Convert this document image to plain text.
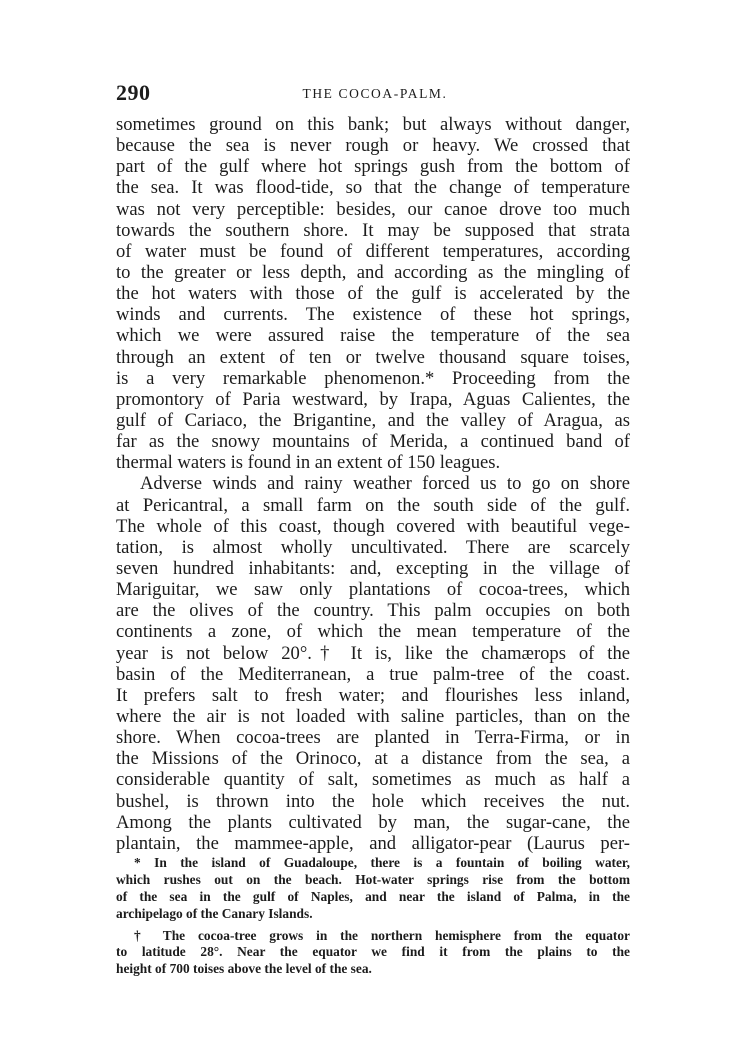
290	THE COCOA-PALM.
sometimes ground on this bank; but always without danger,
because the sea is never rough or heavy. We crossed that
part of the gulf where hot springs gush from the bottom of
the sea. It was flood-tide, so that the change of temperature
was not very perceptible: besides, our canoe drove too much
towards the southern shore. It may be supposed that strata
of water must be found of different temperatures, according
to the greater or less depth, and according as the mingling of
the hot waters with those of the gulf is accelerated by the
winds and currents. The existence of these hot springs,
which we were assured raise the temperature of the sea
through an extent of ten or twelve thousand square toises,
is a very remarkable phenomenon.* Proceeding from the
promontory of Paria westward, by Irapa, Aguas Calientes, the
gulf of Cariaco, the Brigantine, and the valley of Aragua, as
far as the snowy mountains of Merida, a continued band of
thermal waters is found in an extent of 150 leagues.
Adverse winds and rainy weather forced us to go on shore
at Pericantral, a small farm on the south side of the gulf.
The whole of this coast, though covered with beautiful vege-
tation, is almost wholly uncultivated. There are scarcely
seven hundred inhabitants: and, excepting in the village of
Mariguitar, we saw only plantations of cocoa-trees, which
are the olives of the country. This palm occupies on both
continents a zone, of which the mean temperature of the
year is not below 20°.† It is, like the chamærops of the
basin of the Mediterranean, a true palm-tree of the coast.
It prefers salt to fresh water; and flourishes less inland,
where the air is not loaded with saline particles, than on the
shore. When cocoa-trees are planted in Terra-Firma, or in
the Missions of the Orinoco, at a distance from the sea, a
considerable quantity of salt, sometimes as much as half a
bushel, is thrown into the hole which receives the nut.
Among the plants cultivated by man, the sugar-cane, the
plantain, the mammee-apple, and alligator-pear (Laurus per-
* In the island of Guadaloupe, there is a fountain of boiling water,
which rushes out on the beach. Hot-water springs rise from the bottom
of the sea in the gulf of Naples, and near the island of Palma, in the
archipelago of the Canary Islands.
† The cocoa-tree grows in the northern hemisphere from the equator
to latitude 28°. Near the equator we find it from the plains to the
height of 700 toises above the level of the sea.
